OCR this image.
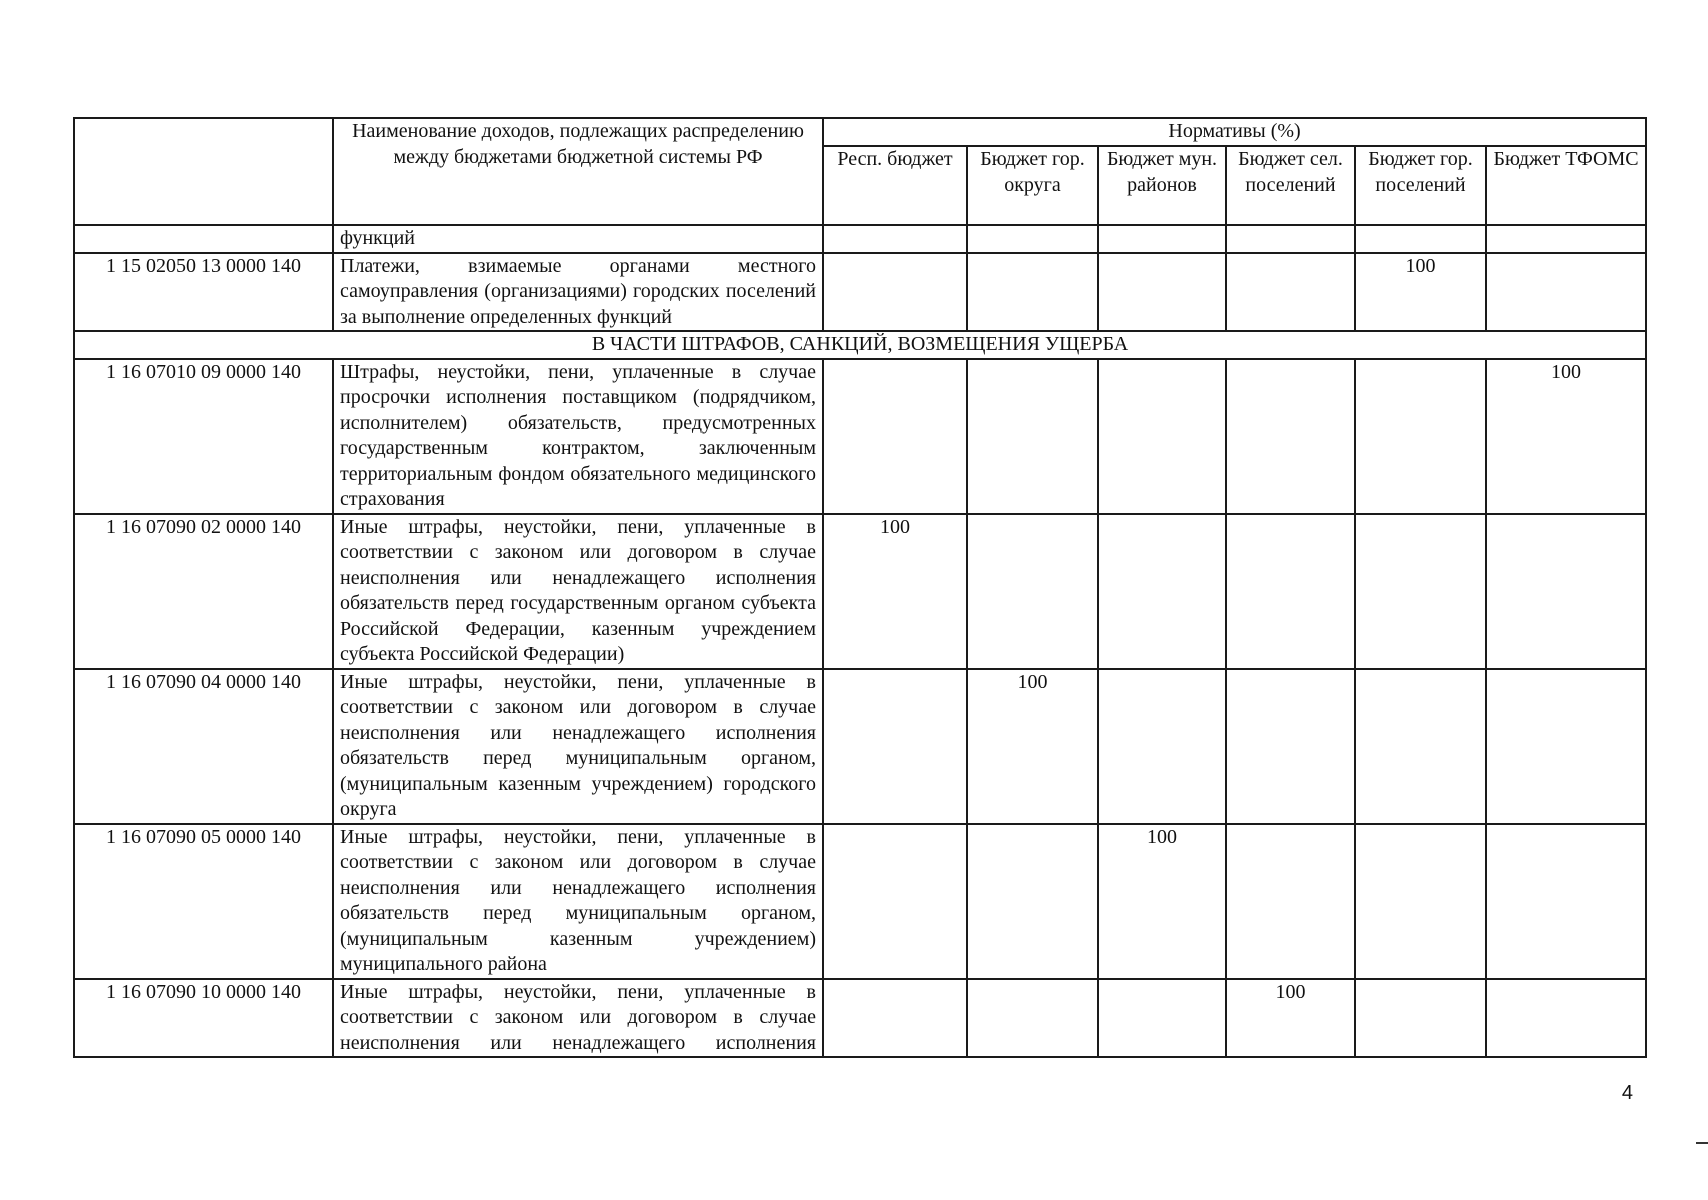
	Наименование доходов, подлежащих распределению между бюджетами бюджетной системы РФ	Нормативы (%)					
		Респ. бюджет	Бюджет гор. округа	Бюджет мун. районов	Бюджет сел. поселений	Бюджет гор. поселений	Бюджет ТФОМС
	функций						
1 15 02050 13 0000 140	Платежи, взимаемые органами местного самоуправления (организациями) городских поселений за выполнение определенных функций					100	
В ЧАСТИ ШТРАФОВ, САНКЦИЙ, ВОЗМЕЩЕНИЯ УЩЕРБА							
1 16 07010 09 0000 140	Штрафы, неустойки, пени, уплаченные в случае просрочки исполнения поставщиком (подрядчиком, исполнителем) обязательств, предусмотренных государственным контрактом, заключенным территориальным фондом обязательного медицинского страхования						100
1 16 07090 02 0000 140	Иные штрафы, неустойки, пени, уплаченные в соответствии с законом или договором в случае неисполнения или ненадлежащего исполнения обязательств перед государственным органом субъекта Российской Федерации, казенным учреждением субъекта Российской Федерации)	100					
1 16 07090 04 0000 140	Иные штрафы, неустойки, пени, уплаченные в соответствии с законом или договором в случае неисполнения или ненадлежащего исполнения обязательств перед муниципальным органом, (муниципальным казенным учреждением) городского округа		100				
1 16 07090 05 0000 140	Иные штрафы, неустойки, пени, уплаченные в соответствии с законом или договором в случае неисполнения или ненадлежащего исполнения обязательств перед муниципальным органом, (муниципальным казенным учреждением) муниципального района			100			
1 16 07090 10 0000 140	Иные штрафы, неустойки, пени, уплаченные в соответствии с законом или договором в случае неисполнения или ненадлежащего исполнения				100		
4
